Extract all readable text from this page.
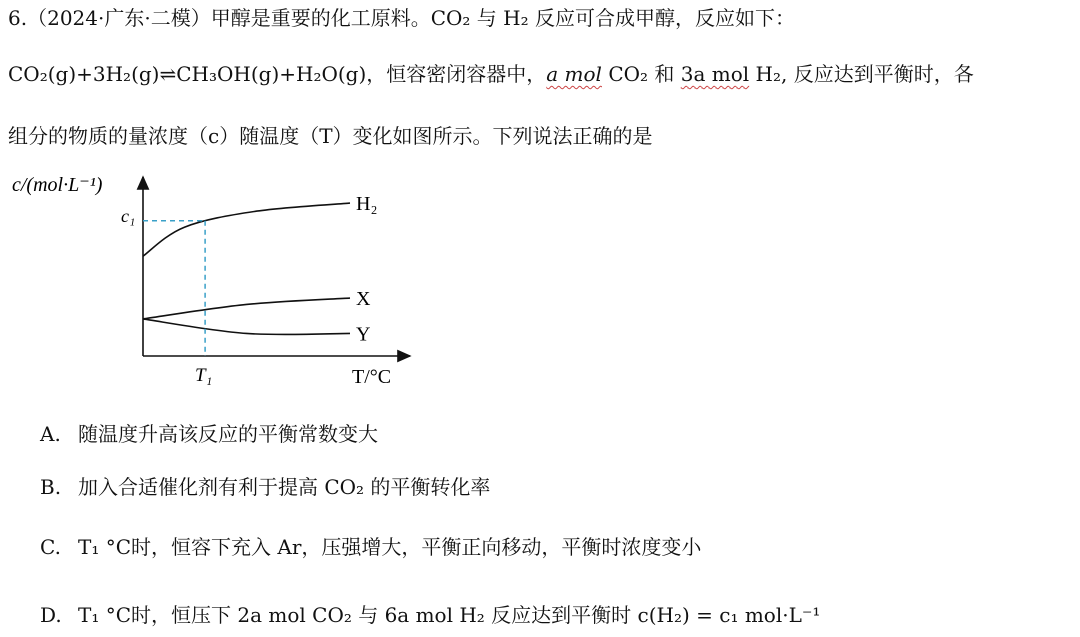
6.（2024·广东·二模）甲醇是重要的化工原料。CO₂ 与 H₂ 反应可合成甲醇，反应如下：
CO₂(g)+3H₂(g)⇌CH₃OH(g)+H₂O(g)，恒容密闭容器中，a mol CO₂ 和 3a mol H₂, 反应达到平衡时，各
组分的物质的量浓度（c）随温度（T）变化如图所示。下列说法正确的是
c/(mol·L⁻¹)
T/°C
c₁
T₁
H₂
X
Y
A. 随温度升高该反应的平衡常数变大
B. 加入合适催化剂有利于提高 CO₂ 的平衡转化率
C. T₁ °C时，恒容下充入 Ar，压强增大，平衡正向移动，平衡时浓度变小
D. T₁ °C时，恒压下 2a mol CO₂ 与 6a mol H₂ 反应达到平衡时 c(H₂) = c₁ mol·L⁻¹
